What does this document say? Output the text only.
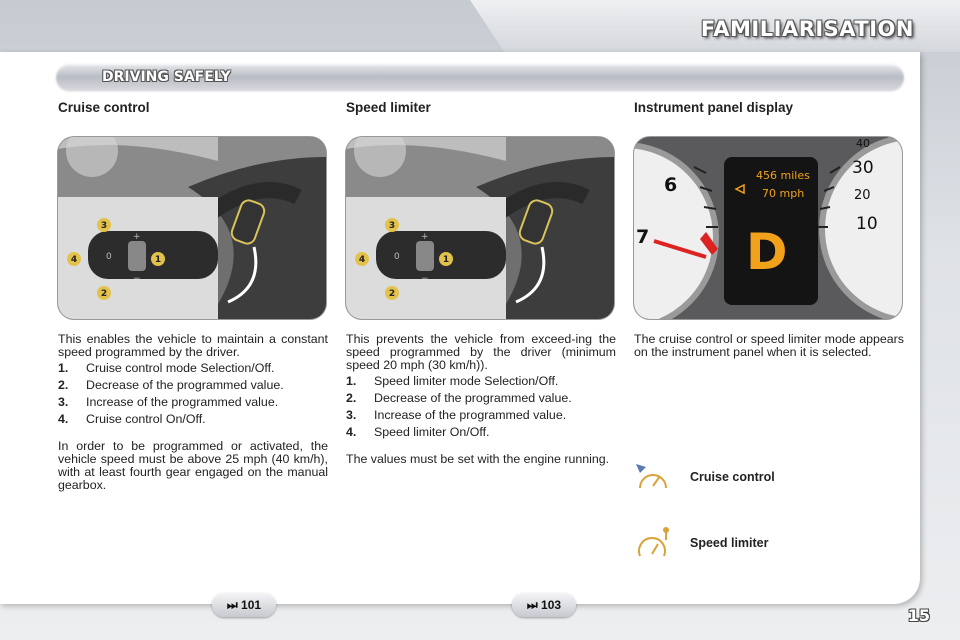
FAMILIARISATION
DRIVING SAFELY
Cruise control
0
+
−
3
4	1
2

This enables the vehicle to maintain a constant speed programmed by the driver.

1. Cruise control mode Selection/Off.
2. Decrease of the programmed value.
3. Increase of the programmed value.
4. Cruise control On/Off.

In order to be programmed or activated, the vehicle speed must be above 25 mph (40 km/h), with at least fourth gear engaged on the manual gearbox.

Speed limiter
0
+
−
3
4	1
2

This prevents the vehicle from exceed-ing the speed programmed by the driver (minimum speed 20 mph (30 km/h)).

1. Speed limiter mode Selection/Off.
2. Decrease of the programmed value.
3. Increase of the programmed value.
4. Speed limiter On/Off.

The values must be set with the engine running.

Instrument panel display
6
7
40
30
20
10
456 miles
70 mph
D

The cruise control or speed limiter mode appears on the instrument panel when it is selected.

Cruise control
Speed limiter
⏭ 101	⏭ 103
15
